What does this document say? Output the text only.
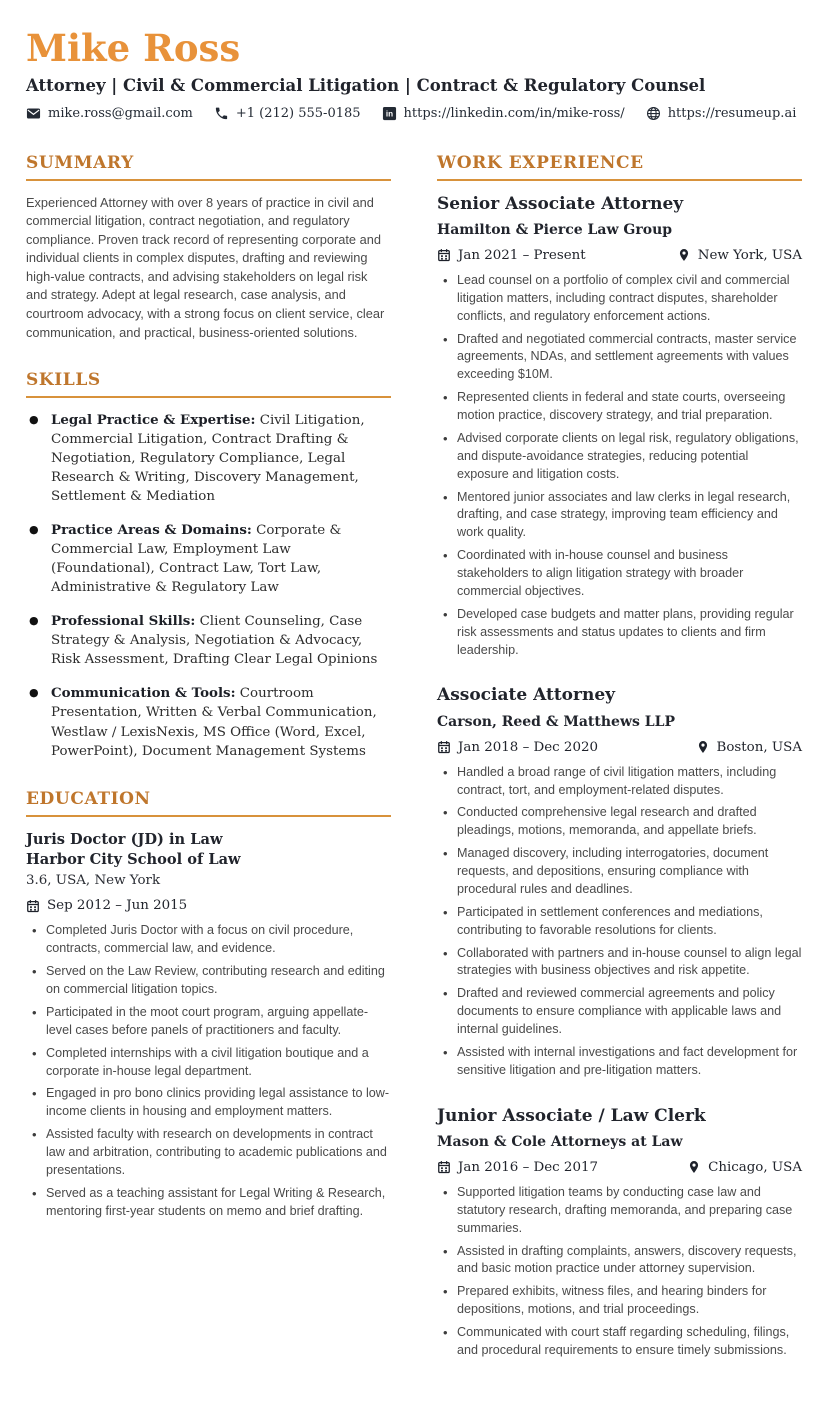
Mike Ross
Attorney | Civil & Commercial Litigation | Contract & Regulatory Counsel
mike.ross@gmail.com	+1 (212) 555-0185	https://linkedin.com/in/mike-ross/	https://resumeup.ai
SUMMARY

Experienced Attorney with over 8 years of practice in civil and commercial litigation, contract negotiation, and regulatory compliance. Proven track record of representing corporate and individual clients in complex disputes, drafting and reviewing high-value contracts, and advising stakeholders on legal risk and strategy. Adept at legal research, case analysis, and courtroom advocacy, with a strong focus on client service, clear communication, and practical, business-oriented solutions.

SKILLS
● Legal Practice & Expertise: Civil Litigation, Commercial Litigation, Contract Drafting & Negotiation, Regulatory Compliance, Legal Research & Writing, Discovery Management, Settlement & Mediation
● Practice Areas & Domains: Corporate & Commercial Law, Employment Law (Foundational), Contract Law, Tort Law, Administrative & Regulatory Law
● Professional Skills: Client Counseling, Case Strategy & Analysis, Negotiation & Advocacy, Risk Assessment, Drafting Clear Legal Opinions
● Communication & Tools: Courtroom Presentation, Written & Verbal Communication, Westlaw / LexisNexis, MS Office (Word, Excel, PowerPoint), Document Management Systems
EDUCATION
Juris Doctor (JD) in Law
Harbor City School of Law
3.6, USA, New York
Sep 2012 – Jun 2015
• Completed Juris Doctor with a focus on civil procedure, contracts, commercial law, and evidence.
• Served on the Law Review, contributing research and editing on commercial litigation topics.
• Participated in the moot court program, arguing appellate-level cases before panels of practitioners and faculty.
• Completed internships with a civil litigation boutique and a corporate in-house legal department.
• Engaged in pro bono clinics providing legal assistance to low-income clients in housing and employment matters.
• Assisted faculty with research on developments in contract law and arbitration, contributing to academic publications and presentations.
• Served as a teaching assistant for Legal Writing & Research, mentoring first-year students on memo and brief drafting.
WORK EXPERIENCE
Senior Associate Attorney
Hamilton & Pierce Law Group
Jan 2021 – Present	New York, USA
• Lead counsel on a portfolio of complex civil and commercial litigation matters, including contract disputes, shareholder conflicts, and regulatory enforcement actions.
• Drafted and negotiated commercial contracts, master service agreements, NDAs, and settlement agreements with values exceeding $10M.
• Represented clients in federal and state courts, overseeing motion practice, discovery strategy, and trial preparation.
• Advised corporate clients on legal risk, regulatory obligations, and dispute-avoidance strategies, reducing potential exposure and litigation costs.
• Mentored junior associates and law clerks in legal research, drafting, and case strategy, improving team efficiency and work quality.
• Coordinated with in-house counsel and business stakeholders to align litigation strategy with broader commercial objectives.
• Developed case budgets and matter plans, providing regular risk assessments and status updates to clients and firm leadership.
Associate Attorney
Carson, Reed & Matthews LLP
Jan 2018 – Dec 2020	Boston, USA
• Handled a broad range of civil litigation matters, including contract, tort, and employment-related disputes.
• Conducted comprehensive legal research and drafted pleadings, motions, memoranda, and appellate briefs.
• Managed discovery, including interrogatories, document requests, and depositions, ensuring compliance with procedural rules and deadlines.
• Participated in settlement conferences and mediations, contributing to favorable resolutions for clients.
• Collaborated with partners and in-house counsel to align legal strategies with business objectives and risk appetite.
• Drafted and reviewed commercial agreements and policy documents to ensure compliance with applicable laws and internal guidelines.
• Assisted with internal investigations and fact development for sensitive litigation and pre-litigation matters.
Junior Associate / Law Clerk
Mason & Cole Attorneys at Law
Jan 2016 – Dec 2017	Chicago, USA
• Supported litigation teams by conducting case law and statutory research, drafting memoranda, and preparing case summaries.
• Assisted in drafting complaints, answers, discovery requests, and basic motion practice under attorney supervision.
• Prepared exhibits, witness files, and hearing binders for depositions, motions, and trial proceedings.
• Communicated with court staff regarding scheduling, filings, and procedural requirements to ensure timely submissions.
